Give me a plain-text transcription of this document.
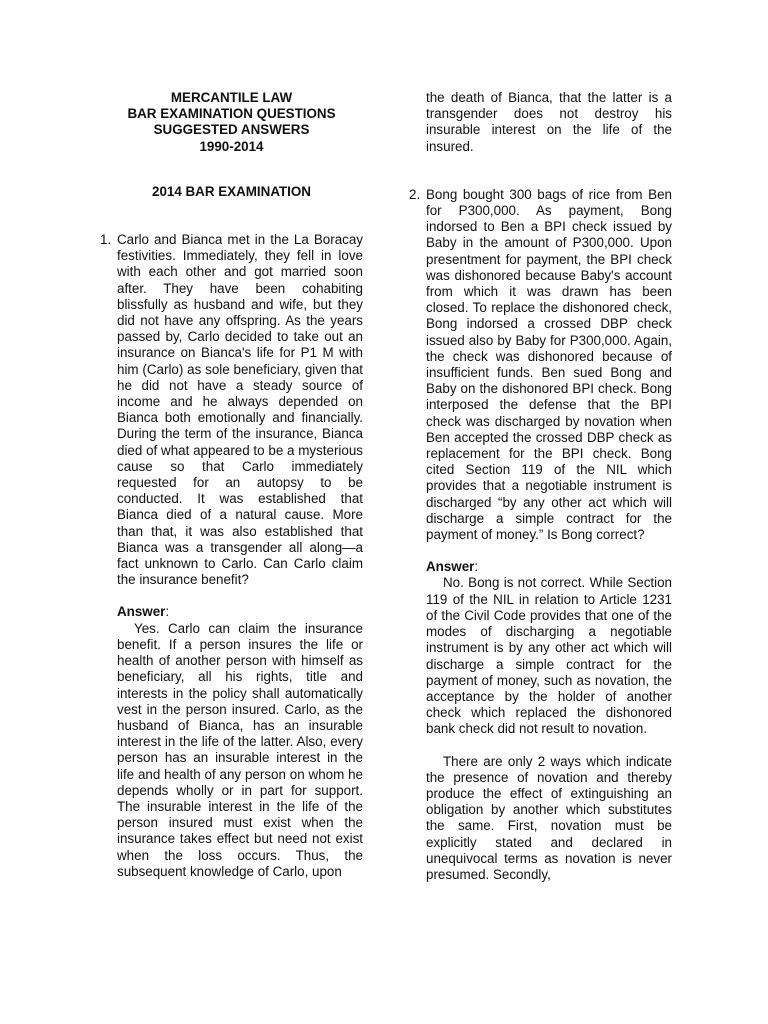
MERCANTILE LAW
BAR EXAMINATION QUESTIONS
SUGGESTED ANSWERS
1990-2014
2014 BAR EXAMINATION
1. Carlo and Bianca met in the La Boracay festivities. Immediately, they fell in love with each other and got married soon after. They have been cohabiting blissfully as husband and wife, but they did not have any offspring. As the years passed by, Carlo decided to take out an insurance on Bianca's life for P1 M with him (Carlo) as sole beneficiary, given that he did not have a steady source of income and he always depended on Bianca both emotionally and financially. During the term of the insurance, Bianca died of what appeared to be a mysterious cause so that Carlo immediately requested for an autopsy to be conducted. It was established that Bianca died of a natural cause. More than that, it was also established that Bianca was a transgender all along—a fact unknown to Carlo. Can Carlo claim the insurance benefit?

Answer:

Yes. Carlo can claim the insurance benefit. If a person insures the life or health of another person with himself as beneficiary, all his rights, title and interests in the policy shall automatically vest in the person insured. Carlo, as the husband of Bianca, has an insurable interest in the life of the latter. Also, every person has an insurable interest in the life and health of any person on whom he depends wholly or in part for support. The insurable interest in the life of the person insured must exist when the insurance takes effect but need not exist when the loss occurs. Thus, the subsequent knowledge of Carlo, upon

the death of Bianca, that the latter is a transgender does not destroy his insurable interest on the life of the insured.

2. Bong bought 300 bags of rice from Ben for P300,000. As payment, Bong indorsed to Ben a BPI check issued by Baby in the amount of P300,000. Upon presentment for payment, the BPI check was dishonored because Baby's account from which it was drawn has been closed. To replace the dishonored check, Bong indorsed a crossed DBP check issued also by Baby for P300,000. Again, the check was dishonored because of insufficient funds. Ben sued Bong and Baby on the dishonored BPI check. Bong interposed the defense that the BPI check was discharged by novation when Ben accepted the crossed DBP check as replacement for the BPI check. Bong cited Section 119 of the NIL which provides that a negotiable instrument is discharged “by any other act which will discharge a simple contract for the payment of money.” Is Bong correct?

Answer:

No. Bong is not correct. While Section 119 of the NIL in relation to Article 1231 of the Civil Code provides that one of the modes of discharging a negotiable instrument is by any other act which will discharge a simple contract for the payment of money, such as novation, the acceptance by the holder of another check which replaced the dishonored bank check did not result to novation.

There are only 2 ways which indicate the presence of novation and thereby produce the effect of extinguishing an obligation by another which substitutes the same. First, novation must be explicitly stated and declared in unequivocal terms as novation is never presumed. Secondly,
